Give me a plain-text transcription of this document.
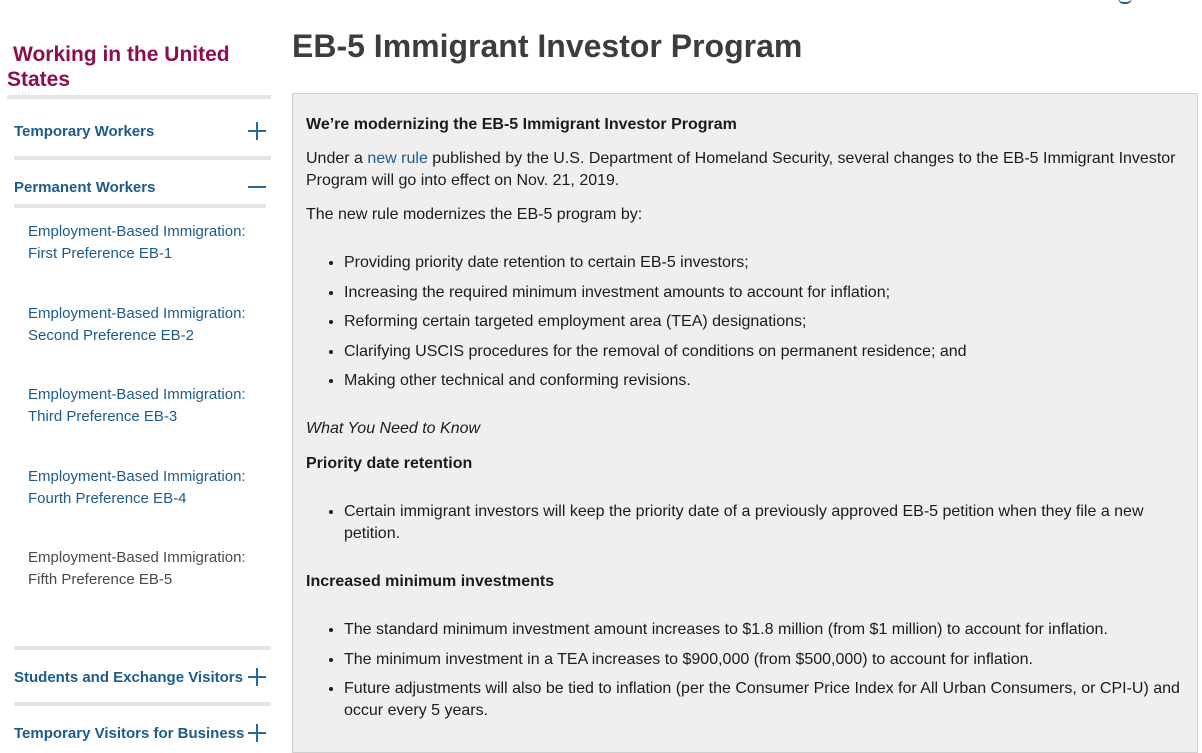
Working in the United States
Temporary Workers
Permanent Workers
Employment-Based Immigration: First Preference EB-1
Employment-Based Immigration: Second Preference EB-2
Employment-Based Immigration: Third Preference EB-3
Employment-Based Immigration: Fourth Preference EB-4
Employment-Based Immigration: Fifth Preference EB-5
Students and Exchange Visitors
Temporary Visitors for Business
EB-5 Immigrant Investor Program
We’re modernizing the EB-5 Immigrant Investor Program
Under a new rule published by the U.S. Department of Homeland Security, several changes to the EB-5 Immigrant Investor Program will go into effect on Nov. 21, 2019.
The new rule modernizes the EB-5 program by:
• Providing priority date retention to certain EB-5 investors;
• Increasing the required minimum investment amounts to account for inflation;
• Reforming certain targeted employment area (TEA) designations;
• Clarifying USCIS procedures for the removal of conditions on permanent residence; and
• Making other technical and conforming revisions.
What You Need to Know
Priority date retention
• Certain immigrant investors will keep the priority date of a previously approved EB-5 petition when they file a new petition.
Increased minimum investments
• The standard minimum investment amount increases to $1.8 million (from $1 million) to account for inflation.
• The minimum investment in a TEA increases to $900,000 (from $500,000) to account for inflation.
• Future adjustments will also be tied to inflation (per the Consumer Price Index for All Urban Consumers, or CPI-U) and occur every 5 years.
